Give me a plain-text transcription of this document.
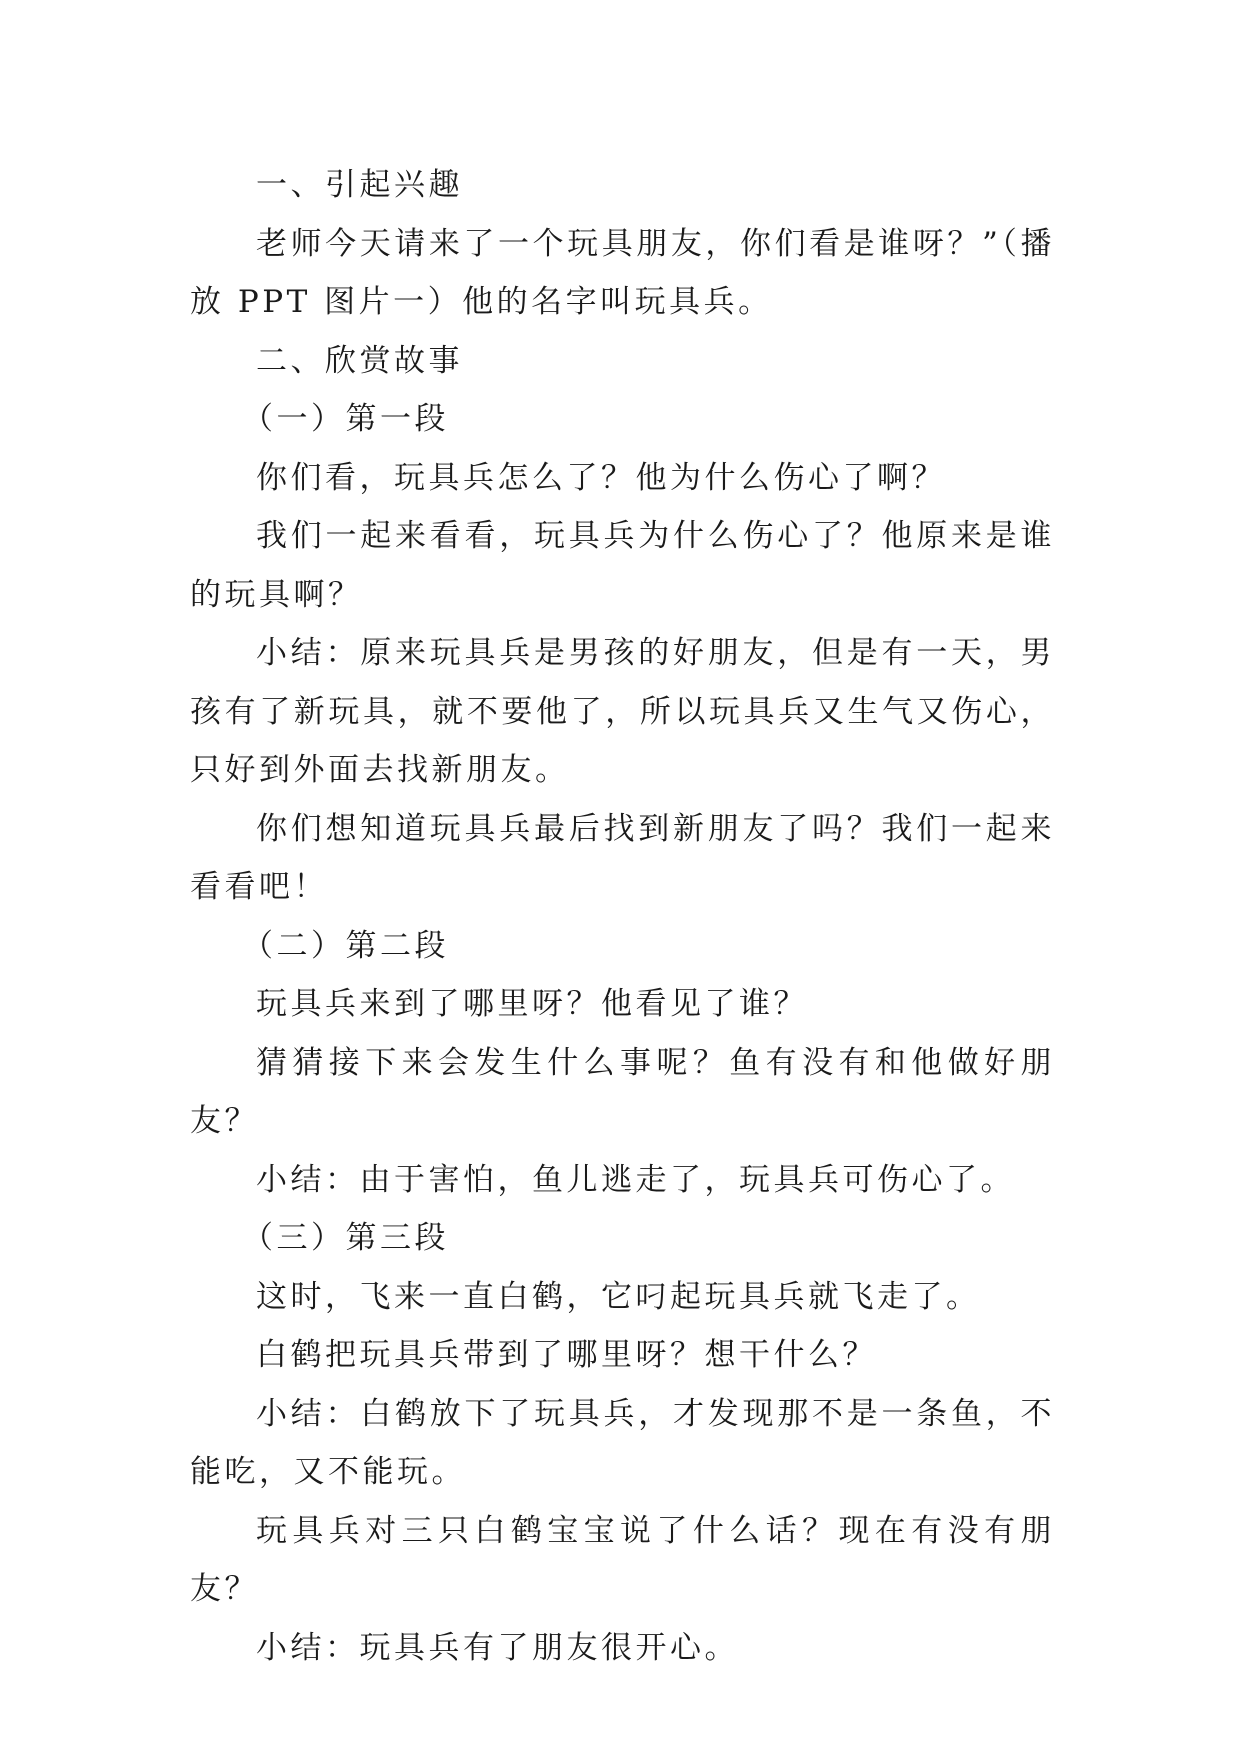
一、引起兴趣

老师今天请来了一个玩具朋友，你们看是谁呀？”（播放 PPT 图片一）他的名字叫玩具兵。

二、欣赏故事

（一）第一段

你们看，玩具兵怎么了？他为什么伤心了啊？

我们一起来看看，玩具兵为什么伤心了？他原来是谁的玩具啊？

小结：原来玩具兵是男孩的好朋友，但是有一天，男孩有了新玩具，就不要他了，所以玩具兵又生气又伤心，只好到外面去找新朋友。

你们想知道玩具兵最后找到新朋友了吗？我们一起来看看吧！

（二）第二段

玩具兵来到了哪里呀？他看见了谁？

猜猜接下来会发生什么事呢？鱼有没有和他做好朋友？

小结：由于害怕，鱼儿逃走了，玩具兵可伤心了。

（三）第三段

这时，飞来一直白鹤，它叼起玩具兵就飞走了。

白鹤把玩具兵带到了哪里呀？想干什么？

小结：白鹤放下了玩具兵，才发现那不是一条鱼，不能吃，又不能玩。

玩具兵对三只白鹤宝宝说了什么话？现在有没有朋友？

小结：玩具兵有了朋友很开心。
